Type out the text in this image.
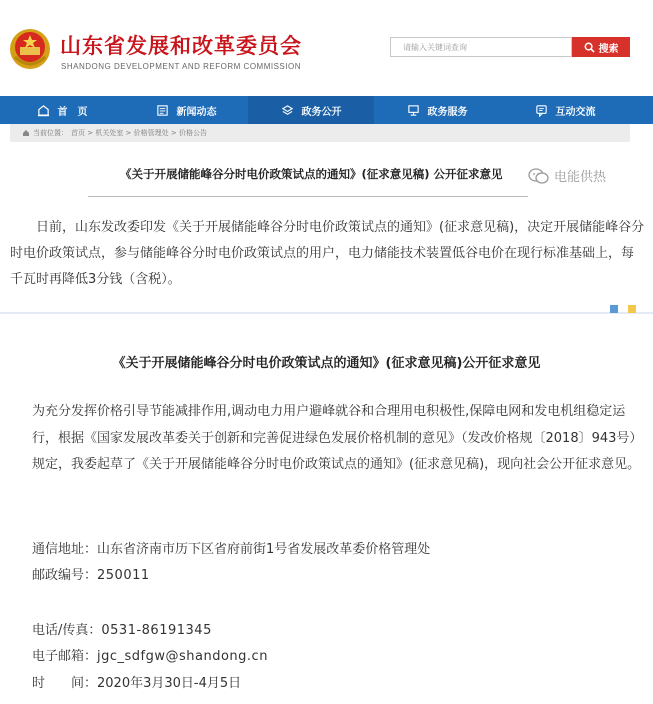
山东省发展和改革委员会
SHANDONG DEVELOPMENT AND REFORM COMMISSION
请输入关键词查询	搜索
首　页	新闻动态	政务公开	政务服务	互动交流
当前位置： 首页 > 机关处室 > 价格管理处 > 价格公告
《关于开展储能峰谷分时电价政策试点的通知》(征求意见稿) 公开征求意见	电能供热
日前，山东发改委印发《关于开展储能峰谷分时电价政策试点的通知》(征求意见稿)，决定开展储能峰谷分时电价政策试点，参与储能峰谷分时电价政策试点的用户，电力储能技术装置低谷电价在现行标准基础上，每千瓦时再降低3分钱（含税）。
《关于开展储能峰谷分时电价政策试点的通知》(征求意见稿)公开征求意见
为充分发挥价格引导节能减排作用,调动电力用户避峰就谷和合理用电积极性,保障电网和发电机组稳定运行，根据《国家发展改革委关于创新和完善促进绿色发展价格机制的意见》（发改价格规〔2018〕943号）规定，我委起草了《关于开展储能峰谷分时电价政策试点的通知》(征求意见稿)，现向社会公开征求意见。
通信地址：山东省济南市历下区省府前街1号省发展改革委价格管理处
邮政编号：250011
电话/传真：0531-86191345
电子邮箱：jgc_sdfgw@shandong.cn
时　　间：2020年3月30日-4月5日
